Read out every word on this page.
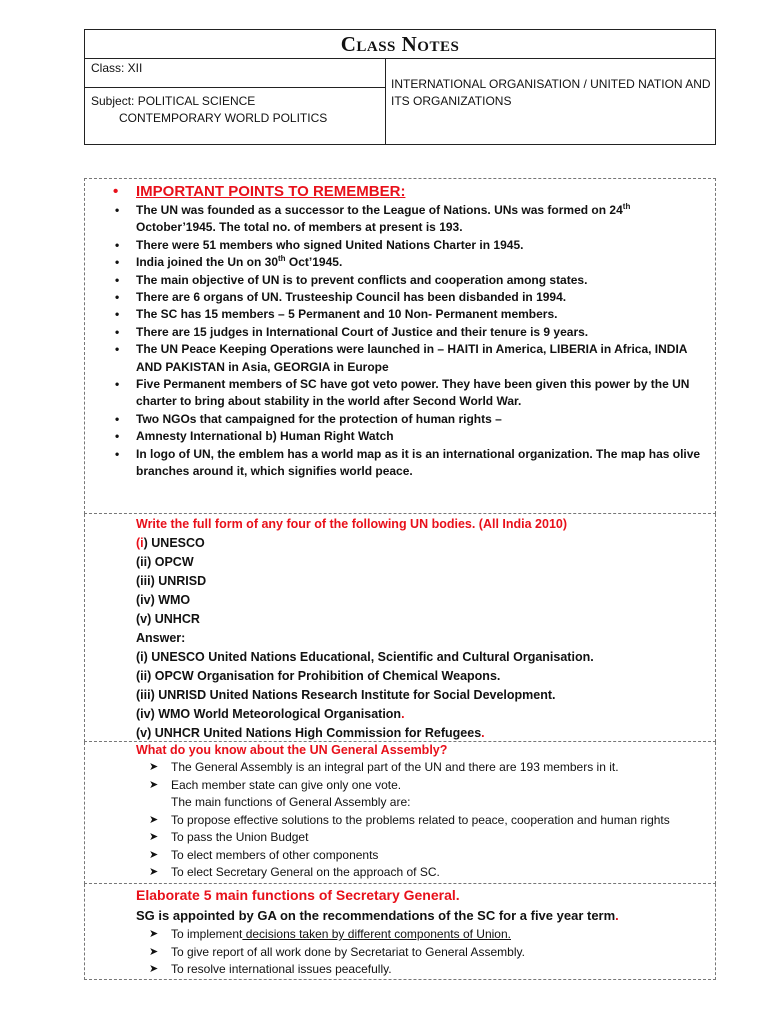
Class Notes
Class: XII
Subject: POLITICAL SCIENCE
CONTEMPORARY WORLD POLITICS
INTERNATIONAL ORGANISATION / UNITED NATION AND ITS ORGANIZATIONS
• IMPORTANT POINTS TO REMEMBER:
• The UN was founded as a successor to the League of Nations. UNs was formed on 24th October’1945. The total no. of members at present is 193.
• There were 51 members who signed United Nations Charter in 1945.
• India joined the Un on 30th Oct’1945.
• The main objective of UN is to prevent conflicts and cooperation among states.
• There are 6 organs of UN. Trusteeship Council has been disbanded in 1994.
• The SC has 15 members – 5 Permanent and 10 Non- Permanent members.
• There are 15 judges in International Court of Justice and their tenure is 9 years.
• The UN Peace Keeping Operations were launched in – HAITI in America, LIBERIA in Africa, INDIA AND PAKISTAN in Asia, GEORGIA in Europe
• Five Permanent members of SC have got veto power. They have been given this power by the UN charter to bring about stability in the world after Second World War.
• Two NGOs that campaigned for the protection of human rights –
• Amnesty International b) Human Right Watch
• In logo of UN, the emblem has a world map as it is an international organization. The map has olive branches around it, which signifies world peace.
Write the full form of any four of the following UN bodies. (All India 2010)
(i) UNESCO
(ii) OPCW
(iii) UNRISD
(iv) WMO
(v) UNHCR
Answer:
(i) UNESCO United Nations Educational, Scientific and Cultural Organisation.
(ii) OPCW Organisation for Prohibition of Chemical Weapons.
(iii) UNRISD United Nations Research Institute for Social Development.
(iv) WMO World Meteorological Organisation.
(v) UNHCR United Nations High Commission for Refugees.
What do you know about the UN General Assembly?
➤ The General Assembly is an integral part of the UN and there are 193 members in it.
➤ Each member state can give only one vote.
The main functions of General Assembly are:
➤ To propose effective solutions to the problems related to peace, cooperation and human rights
➤ To pass the Union Budget
➤ To elect members of other components
➤ To elect Secretary General on the approach of SC.
Elaborate 5 main functions of Secretary General.
SG is appointed by GA on the recommendations of the SC for a five year term.
➤ To implement decisions taken by different components of Union.
➤ To give report of all work done by Secretariat to General Assembly.
➤ To resolve international issues peacefully.
